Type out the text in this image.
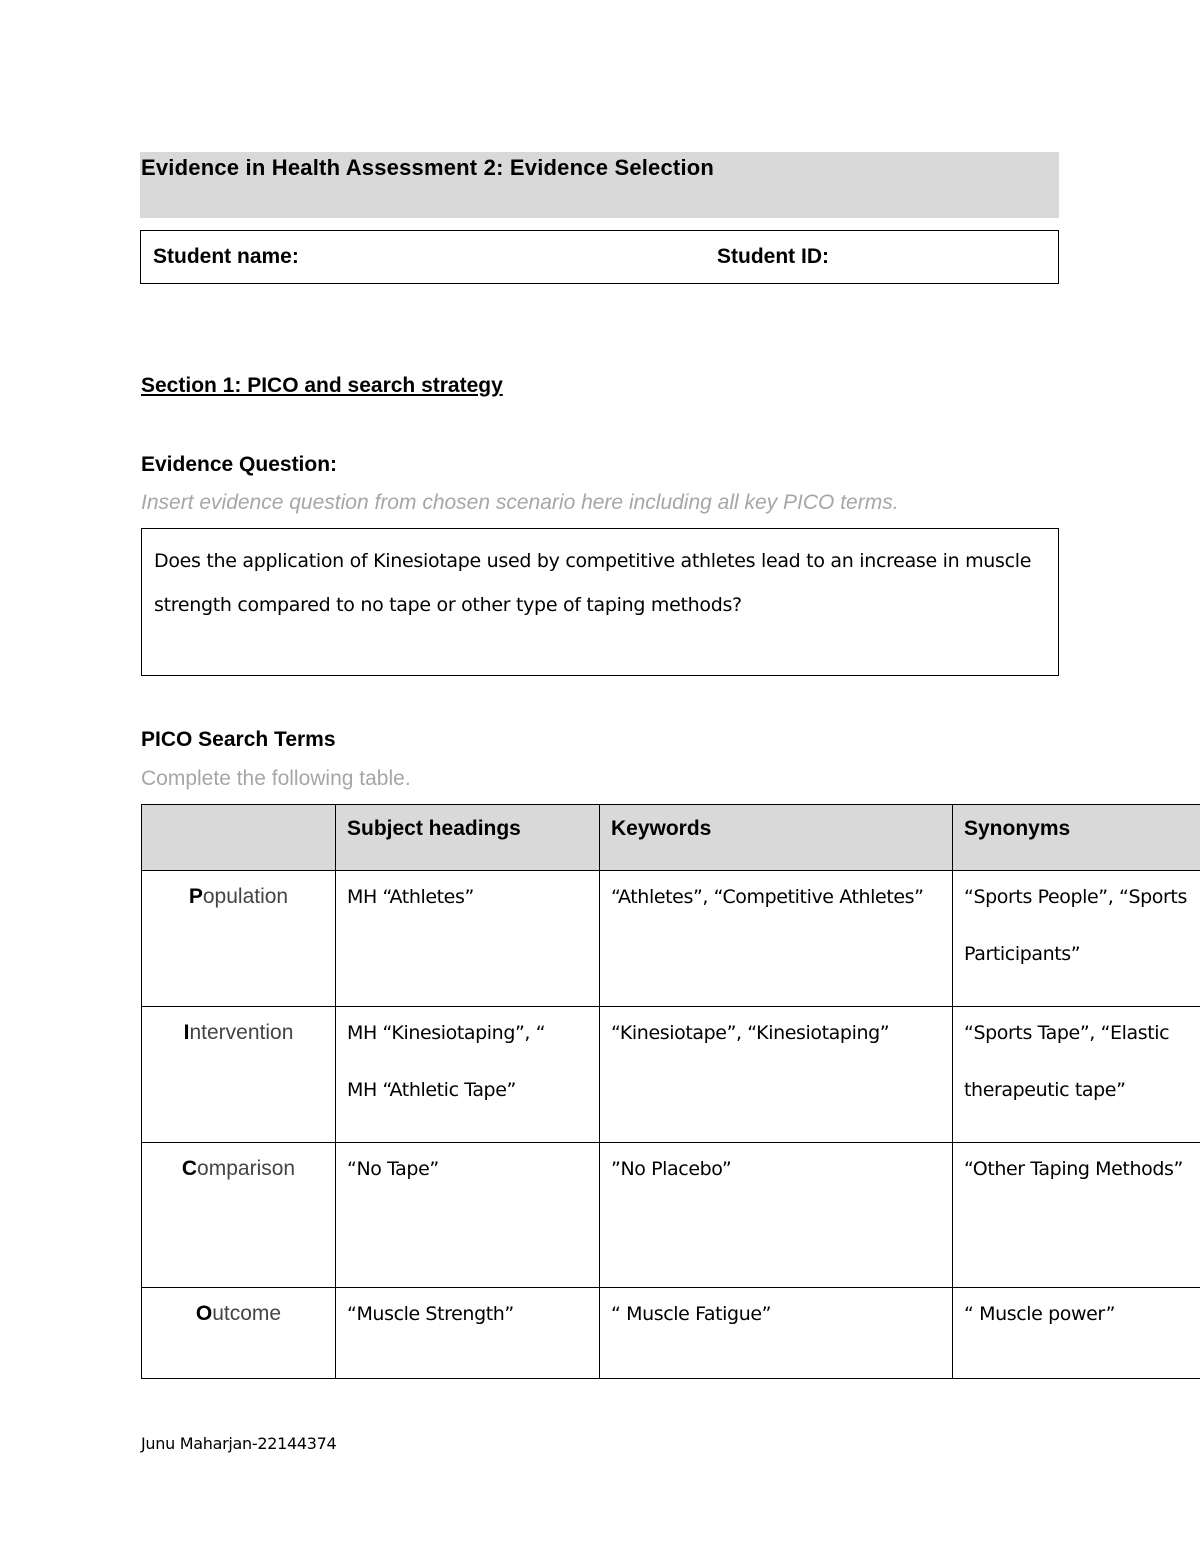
Evidence in Health Assessment 2: Evidence Selection
Student name:	Student ID:
Section 1: PICO and search strategy
Evidence Question:
Insert evidence question from chosen scenario here including all key PICO terms.
Does the application of Kinesiotape used by competitive athletes lead to an increase in muscle strength compared to no tape or other type of taping methods?
PICO Search Terms
Complete the following table.
	Subject headings	Keywords	Synonyms
Population	MH “Athletes”	“Athletes”, “Competitive Athletes”	“Sports People”, “Sports
Participants”

Intervention	MH “Kinesiotaping”, “
MH “Athletic Tape”	“Kinesiotape”, “Kinesiotaping”	“Sports Tape”, “Elastic
therapeutic tape”

Comparison	“No Tape”	”No Placebo”	“Other Taping Methods”

Outcome	“Muscle Strength”	“ Muscle Fatigue”	“ Muscle power”
Junu Maharjan-22144374
